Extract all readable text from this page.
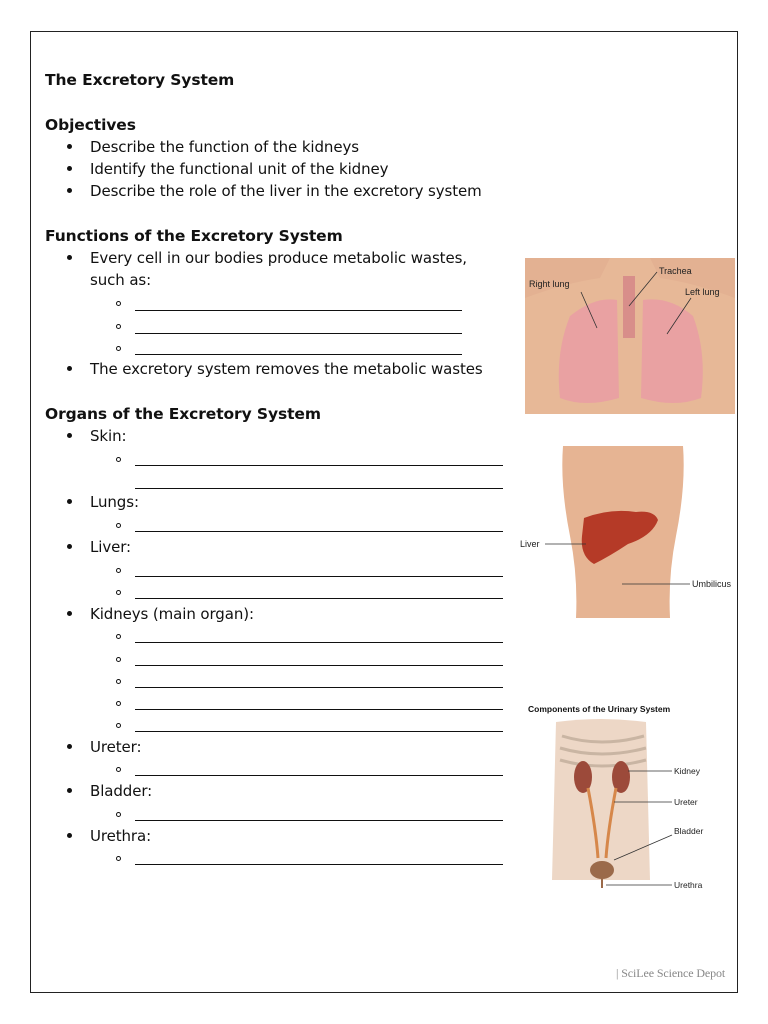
The Excretory System
Objectives
Describe the function of the kidneys
Identify the functional unit of the kidney
Describe the role of the liver in the excretory system
Functions of the Excretory System
Every cell in our bodies produce metabolic wastes,
such as:
The excretory system removes the metabolic wastes
Organs of the Excretory System
Skin:
Lungs:
Liver:
Kidneys (main organ):
Ureter:
Bladder:
Urethra:
Right lung
Trachea
Left lung
Liver
Umbilicus
Components of the Urinary System
Kidney
Ureter
Bladder
Urethra
| SciLee Science Depot
